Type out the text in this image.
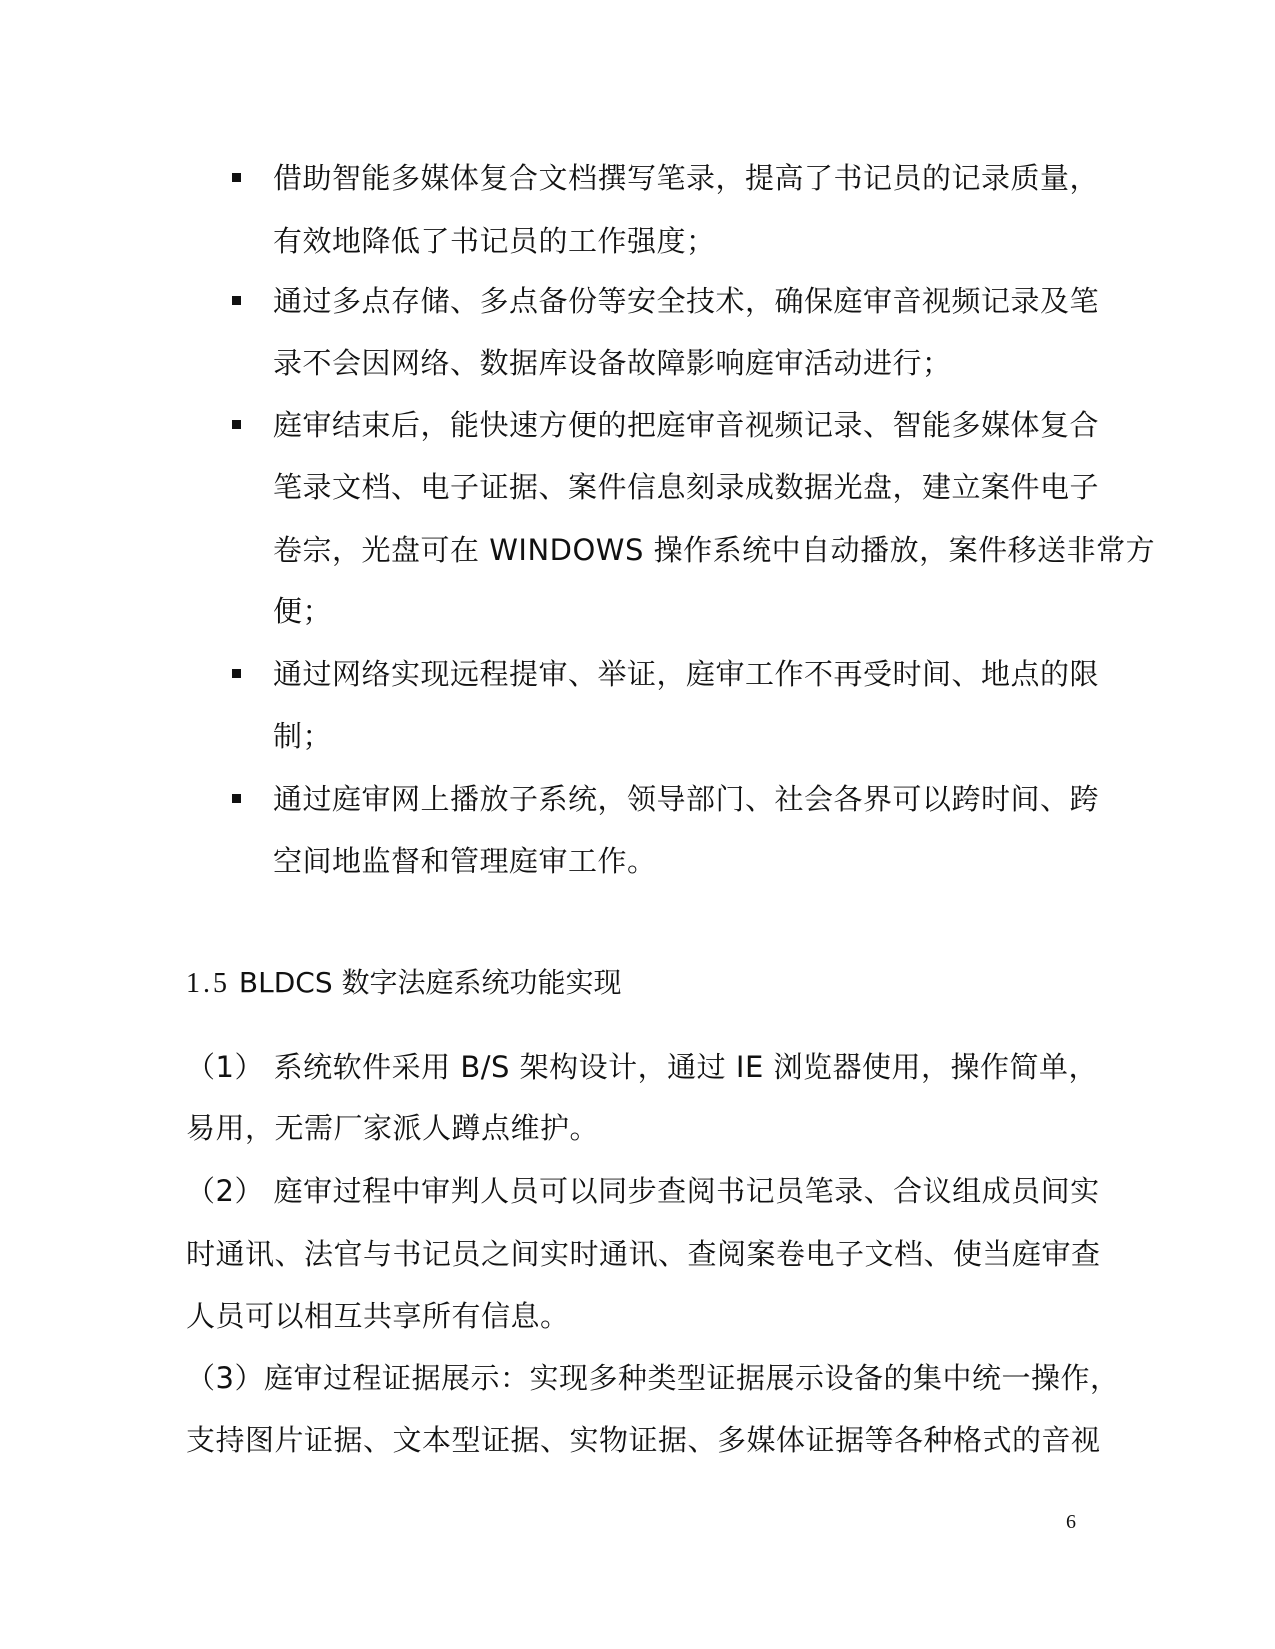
借助智能多媒体复合文档撰写笔录，提高了书记员的记录质量，
有效地降低了书记员的工作强度；
通过多点存储、多点备份等安全技术，确保庭审音视频记录及笔
录不会因网络、数据库设备故障影响庭审活动进行；
庭审结束后，能快速方便的把庭审音视频记录、智能多媒体复合
笔录文档、电子证据、案件信息刻录成数据光盘，建立案件电子
卷宗，光盘可在 WINDOWS 操作系统中自动播放，案件移送非常方
便；
通过网络实现远程提审、举证，庭审工作不再受时间、地点的限
制；
通过庭审网上播放子系统，领导部门、社会各界可以跨时间、跨
空间地监督和管理庭审工作。
1.5 BLDCS 数字法庭系统功能实现
（1） 系统软件采用 B/S 架构设计，通过 IE 浏览器使用，操作简单，
易用，无需厂家派人蹲点维护。
（2） 庭审过程中审判人员可以同步查阅书记员笔录、合议组成员间实
时通讯、法官与书记员之间实时通讯、查阅案卷电子文档、使当庭审查
人员可以相互共享所有信息。
（3）庭审过程证据展示：实现多种类型证据展示设备的集中统一操作，
支持图片证据、文本型证据、实物证据、多媒体证据等各种格式的音视
6
